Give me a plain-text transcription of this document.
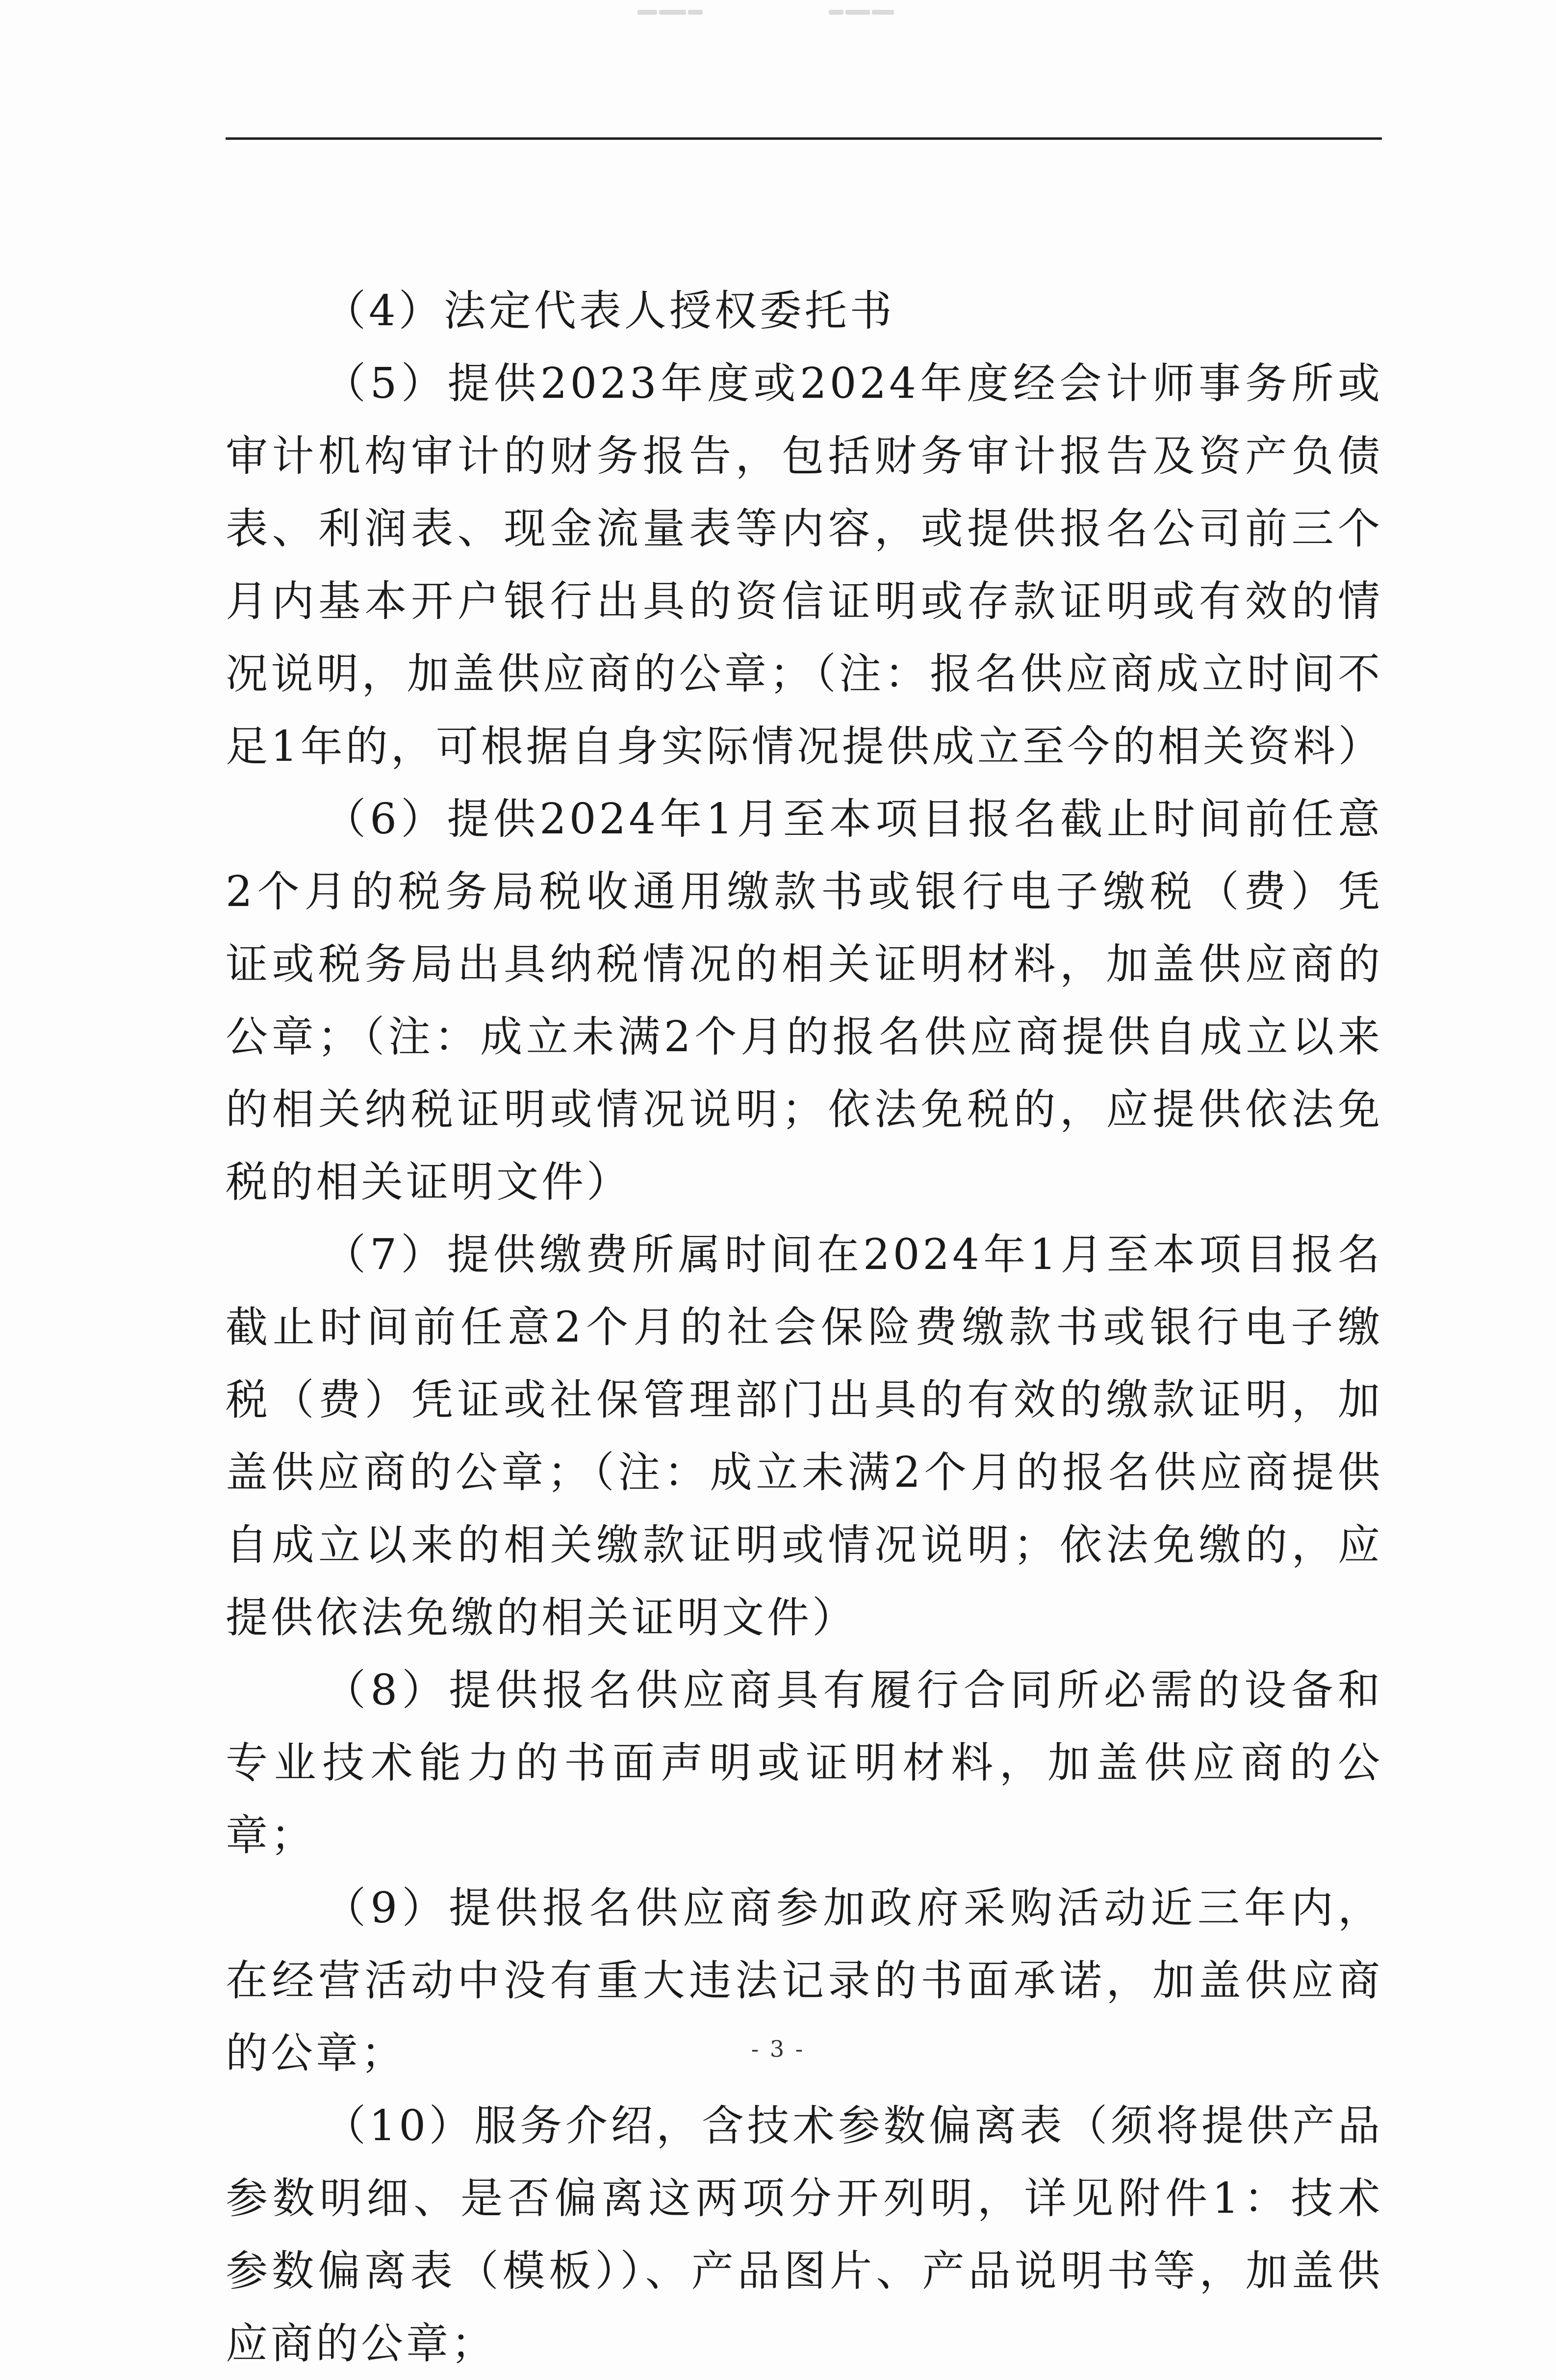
（4）法定代表人授权委托书

（5）提供2023年度或2024年度经会计师事务所或审计机构审计的财务报告，包括财务审计报告及资产负债表、利润表、现金流量表等内容，或提供报名公司前三个月内基本开户银行出具的资信证明或存款证明或有效的情况说明，加盖供应商的公章；（注：报名供应商成立时间不足1年的，可根据自身实际情况提供成立至今的相关资料）

（6）提供2024年1月至本项目报名截止时间前任意2个月的税务局税收通用缴款书或银行电子缴税（费）凭证或税务局出具纳税情况的相关证明材料，加盖供应商的公章；（注：成立未满2个月的报名供应商提供自成立以来的相关纳税证明或情况说明；依法免税的，应提供依法免税的相关证明文件）

（7）提供缴费所属时间在2024年1月至本项目报名截止时间前任意2个月的社会保险费缴款书或银行电子缴税（费）凭证或社保管理部门出具的有效的缴款证明，加盖供应商的公章；（注：成立未满2个月的报名供应商提供自成立以来的相关缴款证明或情况说明；依法免缴的，应提供依法免缴的相关证明文件）

（8）提供报名供应商具有履行合同所必需的设备和专业技术能力的书面声明或证明材料，加盖供应商的公章；

（9）提供报名供应商参加政府采购活动近三年内，在经营活动中没有重大违法记录的书面承诺，加盖供应商的公章；

（10）服务介绍，含技术参数偏离表（须将提供产品参数明细、是否偏离这两项分开列明，详见附件1：技术参数偏离表（模板））、产品图片、产品说明书等，加盖供应商的公章；

- 3 -
